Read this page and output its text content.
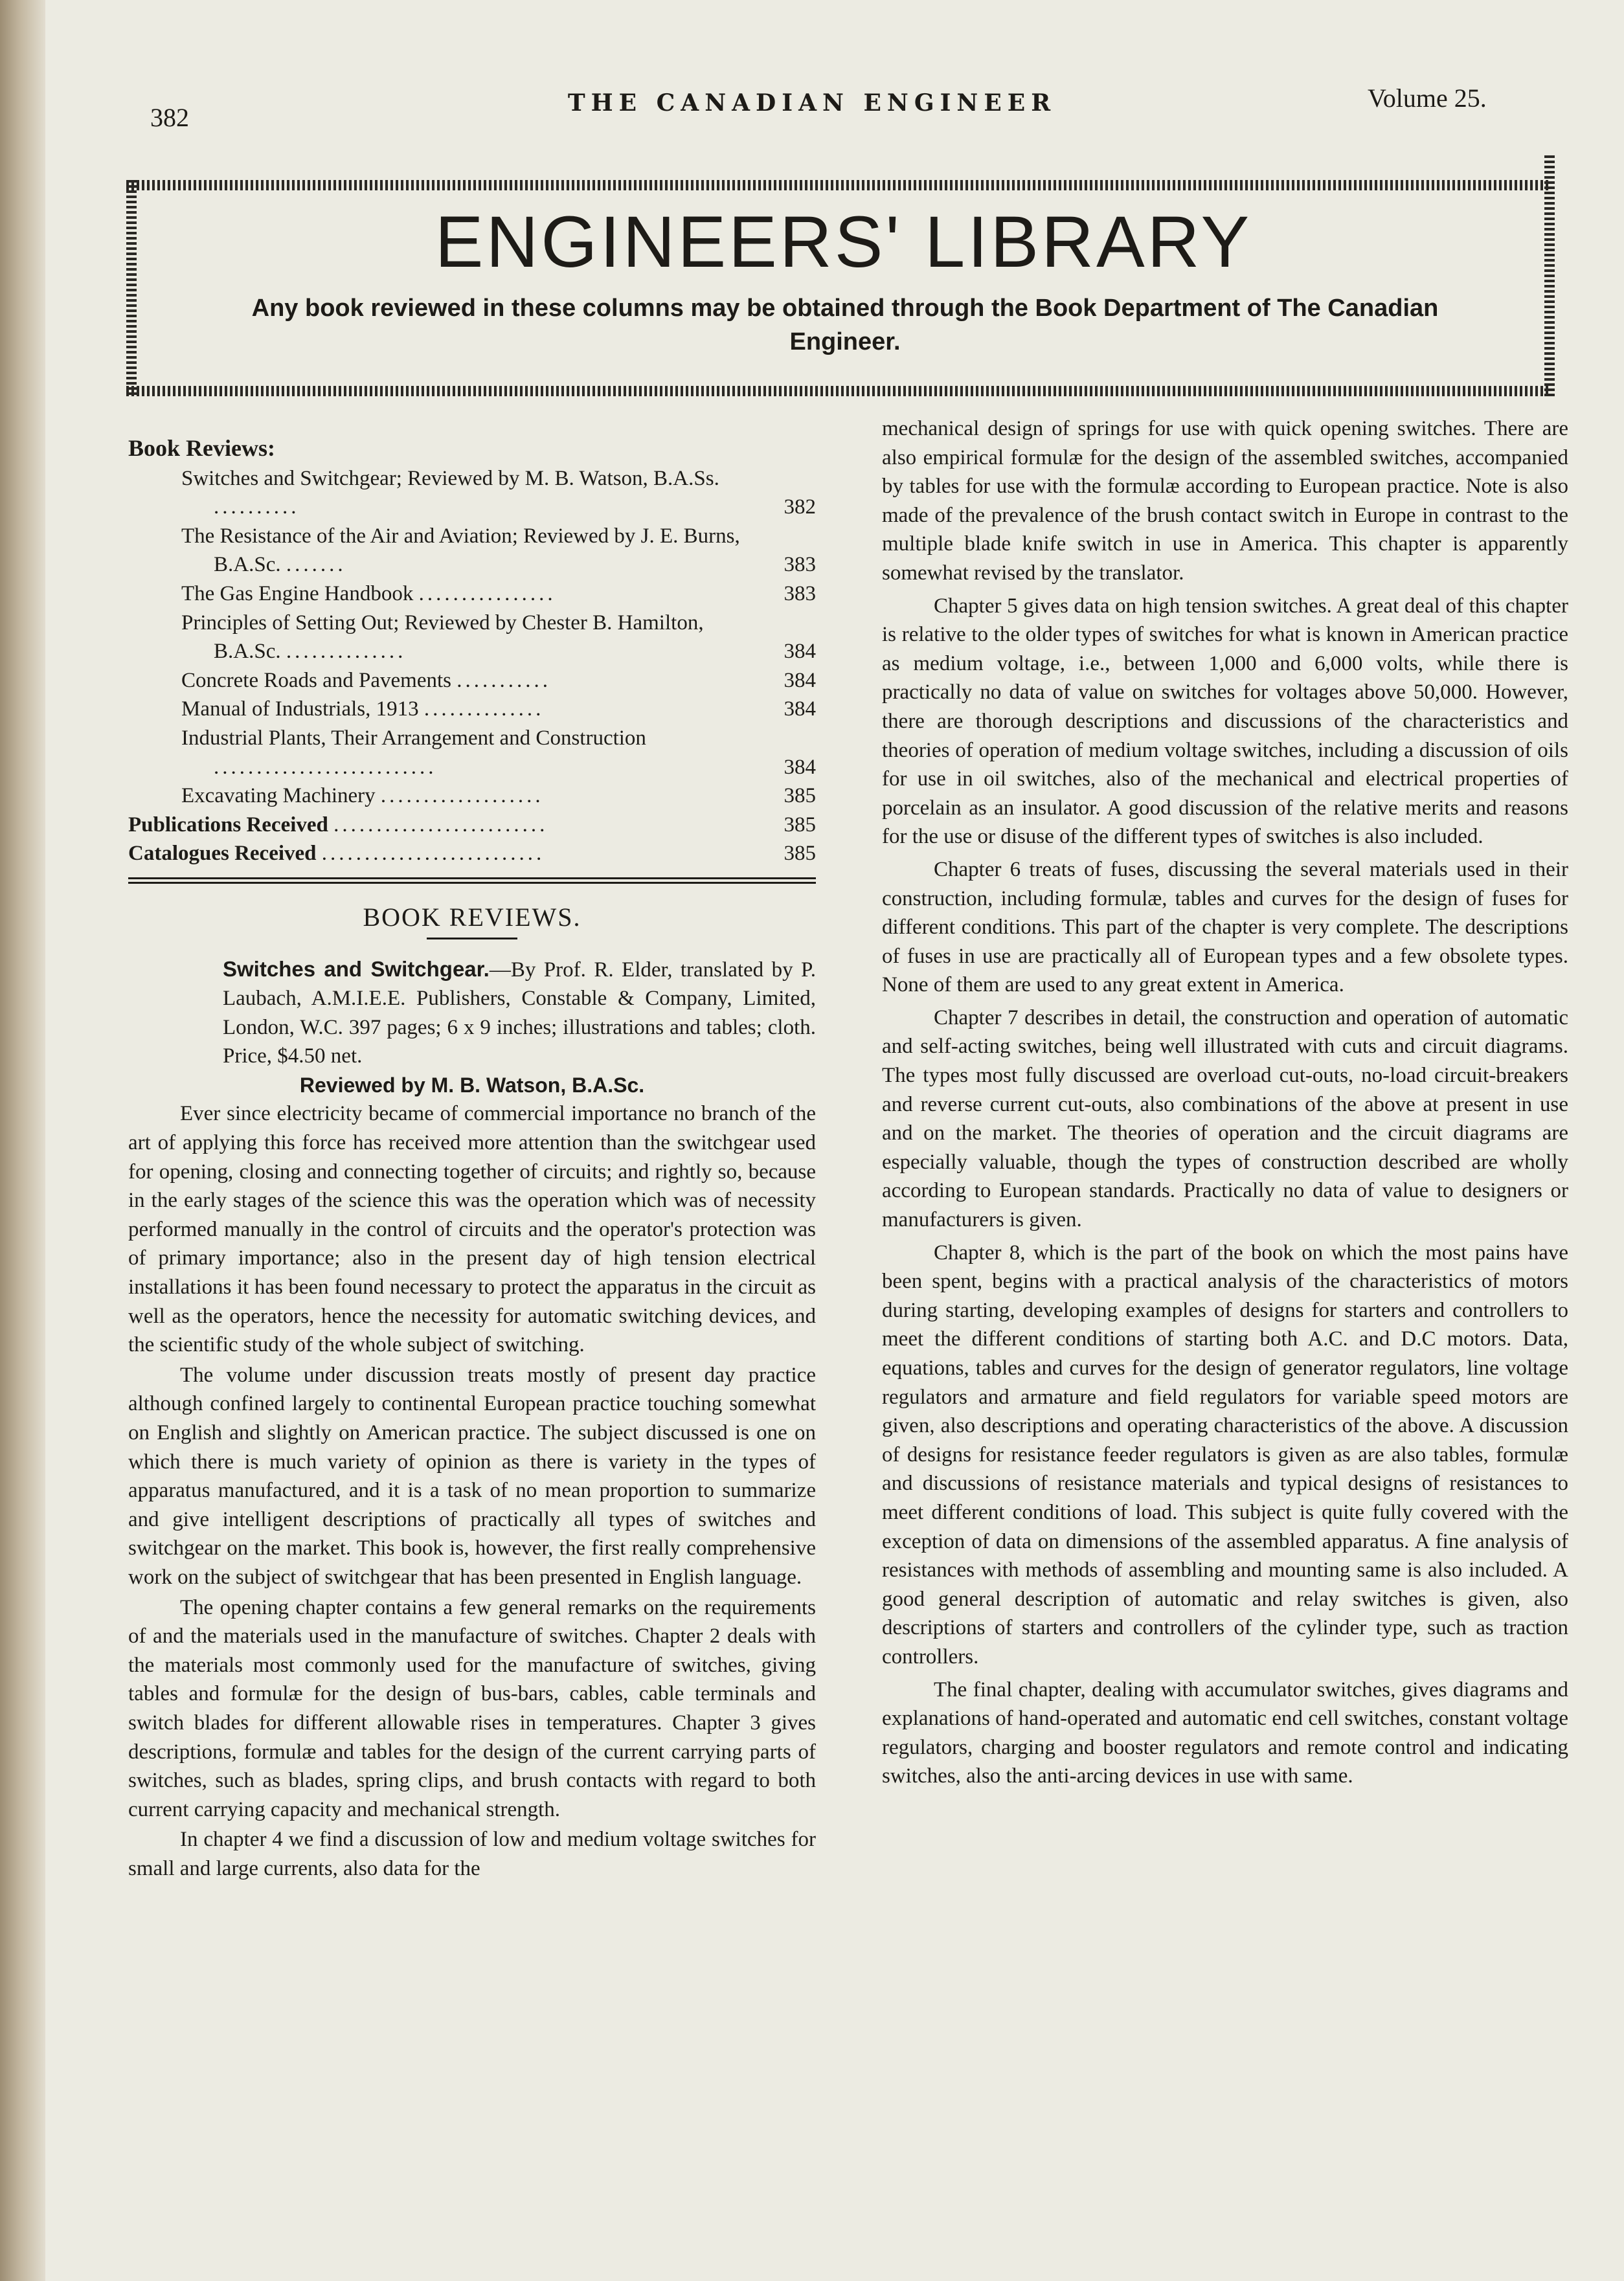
382	THE CANADIAN ENGINEER	Volume 25.
ENGINEERS' LIBRARY
Any book reviewed in these columns may be obtained through the Book Department of The Canadian Engineer.
Book Reviews:
Switches and Switchgear; Reviewed by M. B. Watson, B.A.Ss. ..........	382
The Resistance of the Air and Aviation; Reviewed by J. E. Burns, B.A.Sc. .......	383
The Gas Engine Handbook ................	383
Principles of Setting Out; Reviewed by Chester B. Hamilton, B.A.Sc. ..............	384
Concrete Roads and Pavements ...........	384
Manual of Industrials, 1913 ..............	384
Industrial Plants, Their Arrangement and Construction ..........................	384
Excavating Machinery ...................	385
Publications Received .........................	385
Catalogues Received ..........................	385
BOOK REVIEWS.
Switches and Switchgear.—By Prof. R. Elder, translated by P. Laubach, A.M.I.E.E. Publishers, Constable & Company, Limited, London, W.C. 397 pages; 6 x 9 inches; illustrations and tables; cloth. Price, $4.50 net.
Reviewed by M. B. Watson, B.A.Sc.

Ever since electricity became of commercial importance no branch of the art of applying this force has received more attention than the switchgear used for opening, closing and connecting together of circuits; and rightly so, because in the early stages of the science this was the operation which was of necessity performed manually in the control of circuits and the operator's protection was of primary importance; also in the present day of high tension electrical installations it has been found necessary to protect the apparatus in the circuit as well as the operators, hence the necessity for automatic switching devices, and the scientific study of the whole subject of switching.

The volume under discussion treats mostly of present day practice although confined largely to continental European practice touching somewhat on English and slightly on American practice. The subject discussed is one on which there is much variety of opinion as there is variety in the types of apparatus manufactured, and it is a task of no mean proportion to summarize and give intelligent descriptions of practically all types of switches and switchgear on the market. This book is, however, the first really comprehensive work on the subject of switchgear that has been presented in English language.

The opening chapter contains a few general remarks on the requirements of and the materials used in the manufacture of switches. Chapter 2 deals with the materials most commonly used for the manufacture of switches, giving tables and formulæ for the design of bus-bars, cables, cable terminals and switch blades for different allowable rises in temperatures. Chapter 3 gives descriptions, formulæ and tables for the design of the current carrying parts of switches, such as blades, spring clips, and brush contacts with regard to both current carrying capacity and mechanical strength.

In chapter 4 we find a discussion of low and medium voltage switches for small and large currents, also data for the

mechanical design of springs for use with quick opening switches. There are also empirical formulæ for the design of the assembled switches, accompanied by tables for use with the formulæ according to European practice. Note is also made of the prevalence of the brush contact switch in Europe in contrast to the multiple blade knife switch in use in America. This chapter is apparently somewhat revised by the translator.

Chapter 5 gives data on high tension switches. A great deal of this chapter is relative to the older types of switches for what is known in American practice as medium voltage, i.e., between 1,000 and 6,000 volts, while there is practically no data of value on switches for voltages above 50,000. However, there are thorough descriptions and discussions of the characteristics and theories of operation of medium voltage switches, including a discussion of oils for use in oil switches, also of the mechanical and electrical properties of porcelain as an insulator. A good discussion of the relative merits and reasons for the use or disuse of the different types of switches is also included.

Chapter 6 treats of fuses, discussing the several materials used in their construction, including formulæ, tables and curves for the design of fuses for different conditions. This part of the chapter is very complete. The descriptions of fuses in use are practically all of European types and a few obsolete types. None of them are used to any great extent in America.

Chapter 7 describes in detail, the construction and operation of automatic and self-acting switches, being well illustrated with cuts and circuit diagrams. The types most fully discussed are overload cut-outs, no-load circuit-breakers and reverse current cut-outs, also combinations of the above at present in use and on the market. The theories of operation and the circuit diagrams are especially valuable, though the types of construction described are wholly according to European standards. Practically no data of value to designers or manufacturers is given.

Chapter 8, which is the part of the book on which the most pains have been spent, begins with a practical analysis of the characteristics of motors during starting, developing examples of designs for starters and controllers to meet the different conditions of starting both A.C. and D.C motors. Data, equations, tables and curves for the design of generator regulators, line voltage regulators and armature and field regulators for variable speed motors are given, also descriptions and operating characteristics of the above. A discussion of designs for resistance feeder regulators is given as are also tables, formulæ and discussions of resistance materials and typical designs of resistances to meet different conditions of load. This subject is quite fully covered with the exception of data on dimensions of the assembled apparatus. A fine analysis of resistances with methods of assembling and mounting same is also included. A good general description of automatic and relay switches is given, also descriptions of starters and controllers of the cylinder type, such as traction controllers.

The final chapter, dealing with accumulator switches, gives diagrams and explanations of hand-operated and automatic end cell switches, constant voltage regulators, charging and booster regulators and remote control and indicating switches, also the anti-arcing devices in use with same.
